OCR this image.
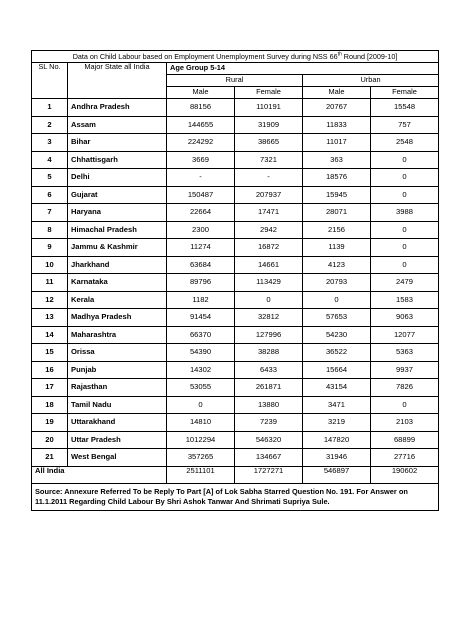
Data on Child Labour based on Employment Unemployment Survey during NSS 66th Round [2009-10]					
SL No.	Major State all India	Age Group 5-14			
		Rural		Urban	
		Male	Female	Male	Female
1	Andhra Pradesh	88156	110191	20767	15548
2	Assam	144655	31909	11833	757
3	Bihar	224292	38665	11017	2548
4	Chhattisgarh	3669	7321	363	0
5	Delhi	-	-	18576	0
6	Gujarat	150487	207937	15945	0
7	Haryana	22664	17471	28071	3988
8	Himachal Pradesh	2300	2942	2156	0
9	Jammu & Kashmir	11274	16872	1139	0
10	Jharkhand	63684	14661	4123	0
11	Karnataka	89796	113429	20793	2479
12	Kerala	1182	0	0	1583
13	Madhya Pradesh	91454	32812	57653	9063
14	Maharashtra	66370	127996	54230	12077
15	Orissa	54390	38288	36522	5363
16	Punjab	14302	6433	15664	9937
17	Rajasthan	53055	261871	43154	7826
18	Tamil Nadu	0	13880	3471	0
19	Uttarakhand	14810	7239	3219	2103
20	Uttar Pradesh	1012294	546320	147820	68899
21	West Bengal	357265	134667	31946	27716
All India		2511101	1727271	546897	190602
Source: Annexure Referred To be Reply To Part [A] of Lok Sabha Starred Question No. 191. For Answer on 11.1.2011 Regarding Child Labour By Shri Ashok Tanwar And Shrimati Supriya Sule.					
